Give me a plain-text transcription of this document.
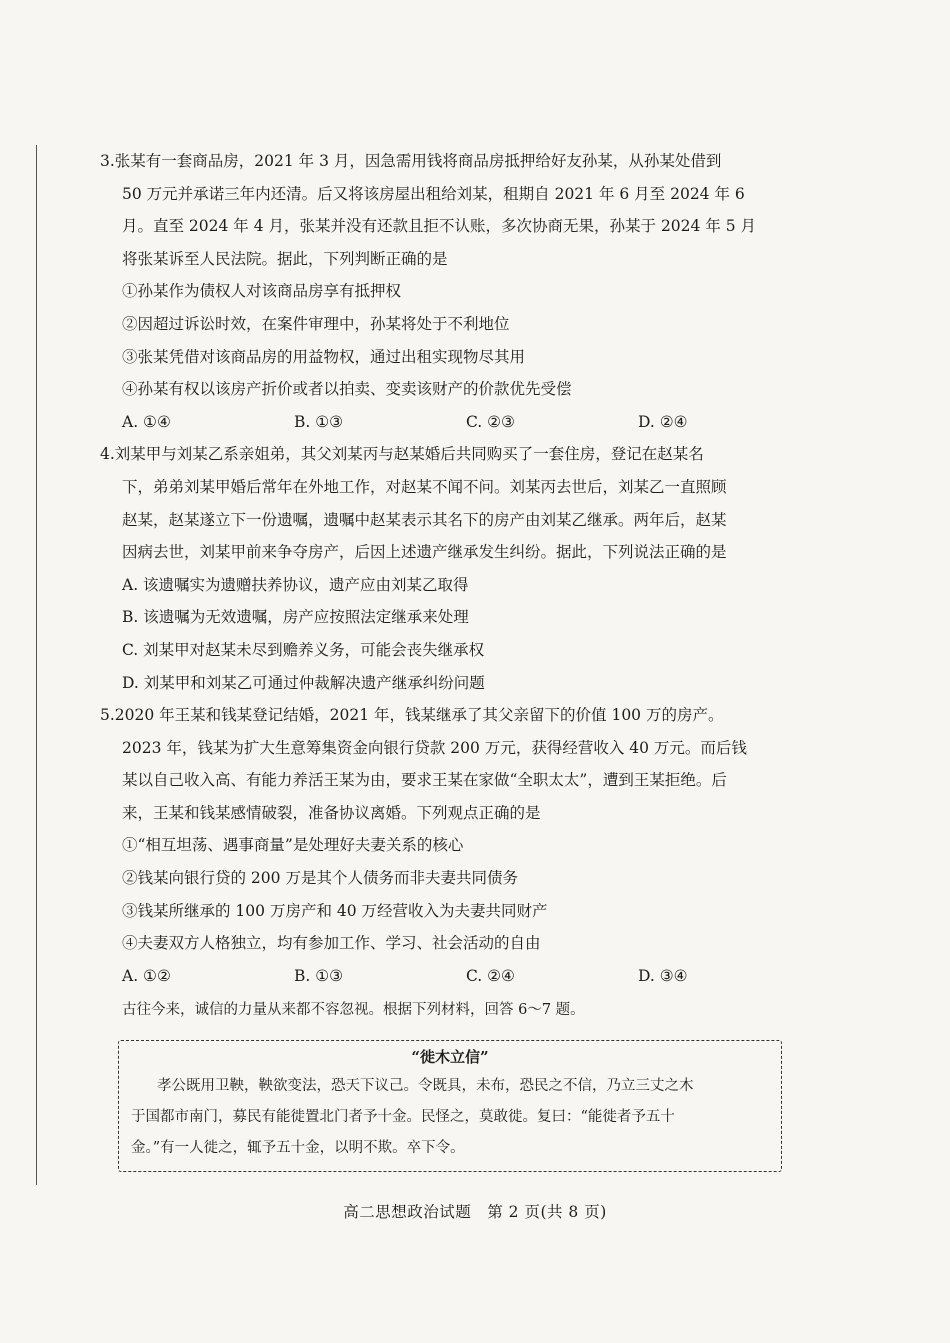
3.张某有一套商品房，2021 年 3 月，因急需用钱将商品房抵押给好友孙某，从孙某处借到
50 万元并承诺三年内还清。后又将该房屋出租给刘某，租期自 2021 年 6 月至 2024 年 6
月。直至 2024 年 4 月，张某并没有还款且拒不认账，多次协商无果，孙某于 2024 年 5 月
将张某诉至人民法院。据此，下列判断正确的是
①孙某作为债权人对该商品房享有抵押权
②因超过诉讼时效，在案件审理中，孙某将处于不利地位
③张某凭借对该商品房的用益物权，通过出租实现物尽其用
④孙某有权以该房产折价或者以拍卖、变卖该财产的价款优先受偿
A. ①④	B. ①③	C. ②③	D. ②④
4.刘某甲与刘某乙系亲姐弟，其父刘某丙与赵某婚后共同购买了一套住房，登记在赵某名
下，弟弟刘某甲婚后常年在外地工作，对赵某不闻不问。刘某丙去世后，刘某乙一直照顾
赵某，赵某遂立下一份遗嘱，遗嘱中赵某表示其名下的房产由刘某乙继承。两年后，赵某
因病去世，刘某甲前来争夺房产，后因上述遗产继承发生纠纷。据此，下列说法正确的是
A. 该遗嘱实为遗赠扶养协议，遗产应由刘某乙取得
B. 该遗嘱为无效遗嘱，房产应按照法定继承来处理
C. 刘某甲对赵某未尽到赡养义务，可能会丧失继承权
D. 刘某甲和刘某乙可通过仲裁解决遗产继承纠纷问题
5.2020 年王某和钱某登记结婚，2021 年，钱某继承了其父亲留下的价值 100 万的房产。
2023 年，钱某为扩大生意筹集资金向银行贷款 200 万元，获得经营收入 40 万元。而后钱
某以自己收入高、有能力养活王某为由，要求王某在家做“全职太太”，遭到王某拒绝。后
来，王某和钱某感情破裂，准备协议离婚。下列观点正确的是
①“相互坦荡、遇事商量”是处理好夫妻关系的核心
②钱某向银行贷的 200 万是其个人债务而非夫妻共同债务
③钱某所继承的 100 万房产和 40 万经营收入为夫妻共同财产
④夫妻双方人格独立，均有参加工作、学习、社会活动的自由
A. ①②	B. ①③	C. ②④	D. ③④
古往今来，诚信的力量从来都不容忽视。根据下列材料，回答 6～7 题。
“徙木立信”
孝公既用卫鞅，鞅欲变法，恐天下议己。令既具，未布，恐民之不信，乃立三丈之木
于国都市南门，募民有能徙置北门者予十金。民怪之，莫敢徙。复曰：“能徙者予五十
金。”有一人徙之，辄予五十金，以明不欺。卒下令。
高二思想政治试题　第 2 页(共 8 页)
